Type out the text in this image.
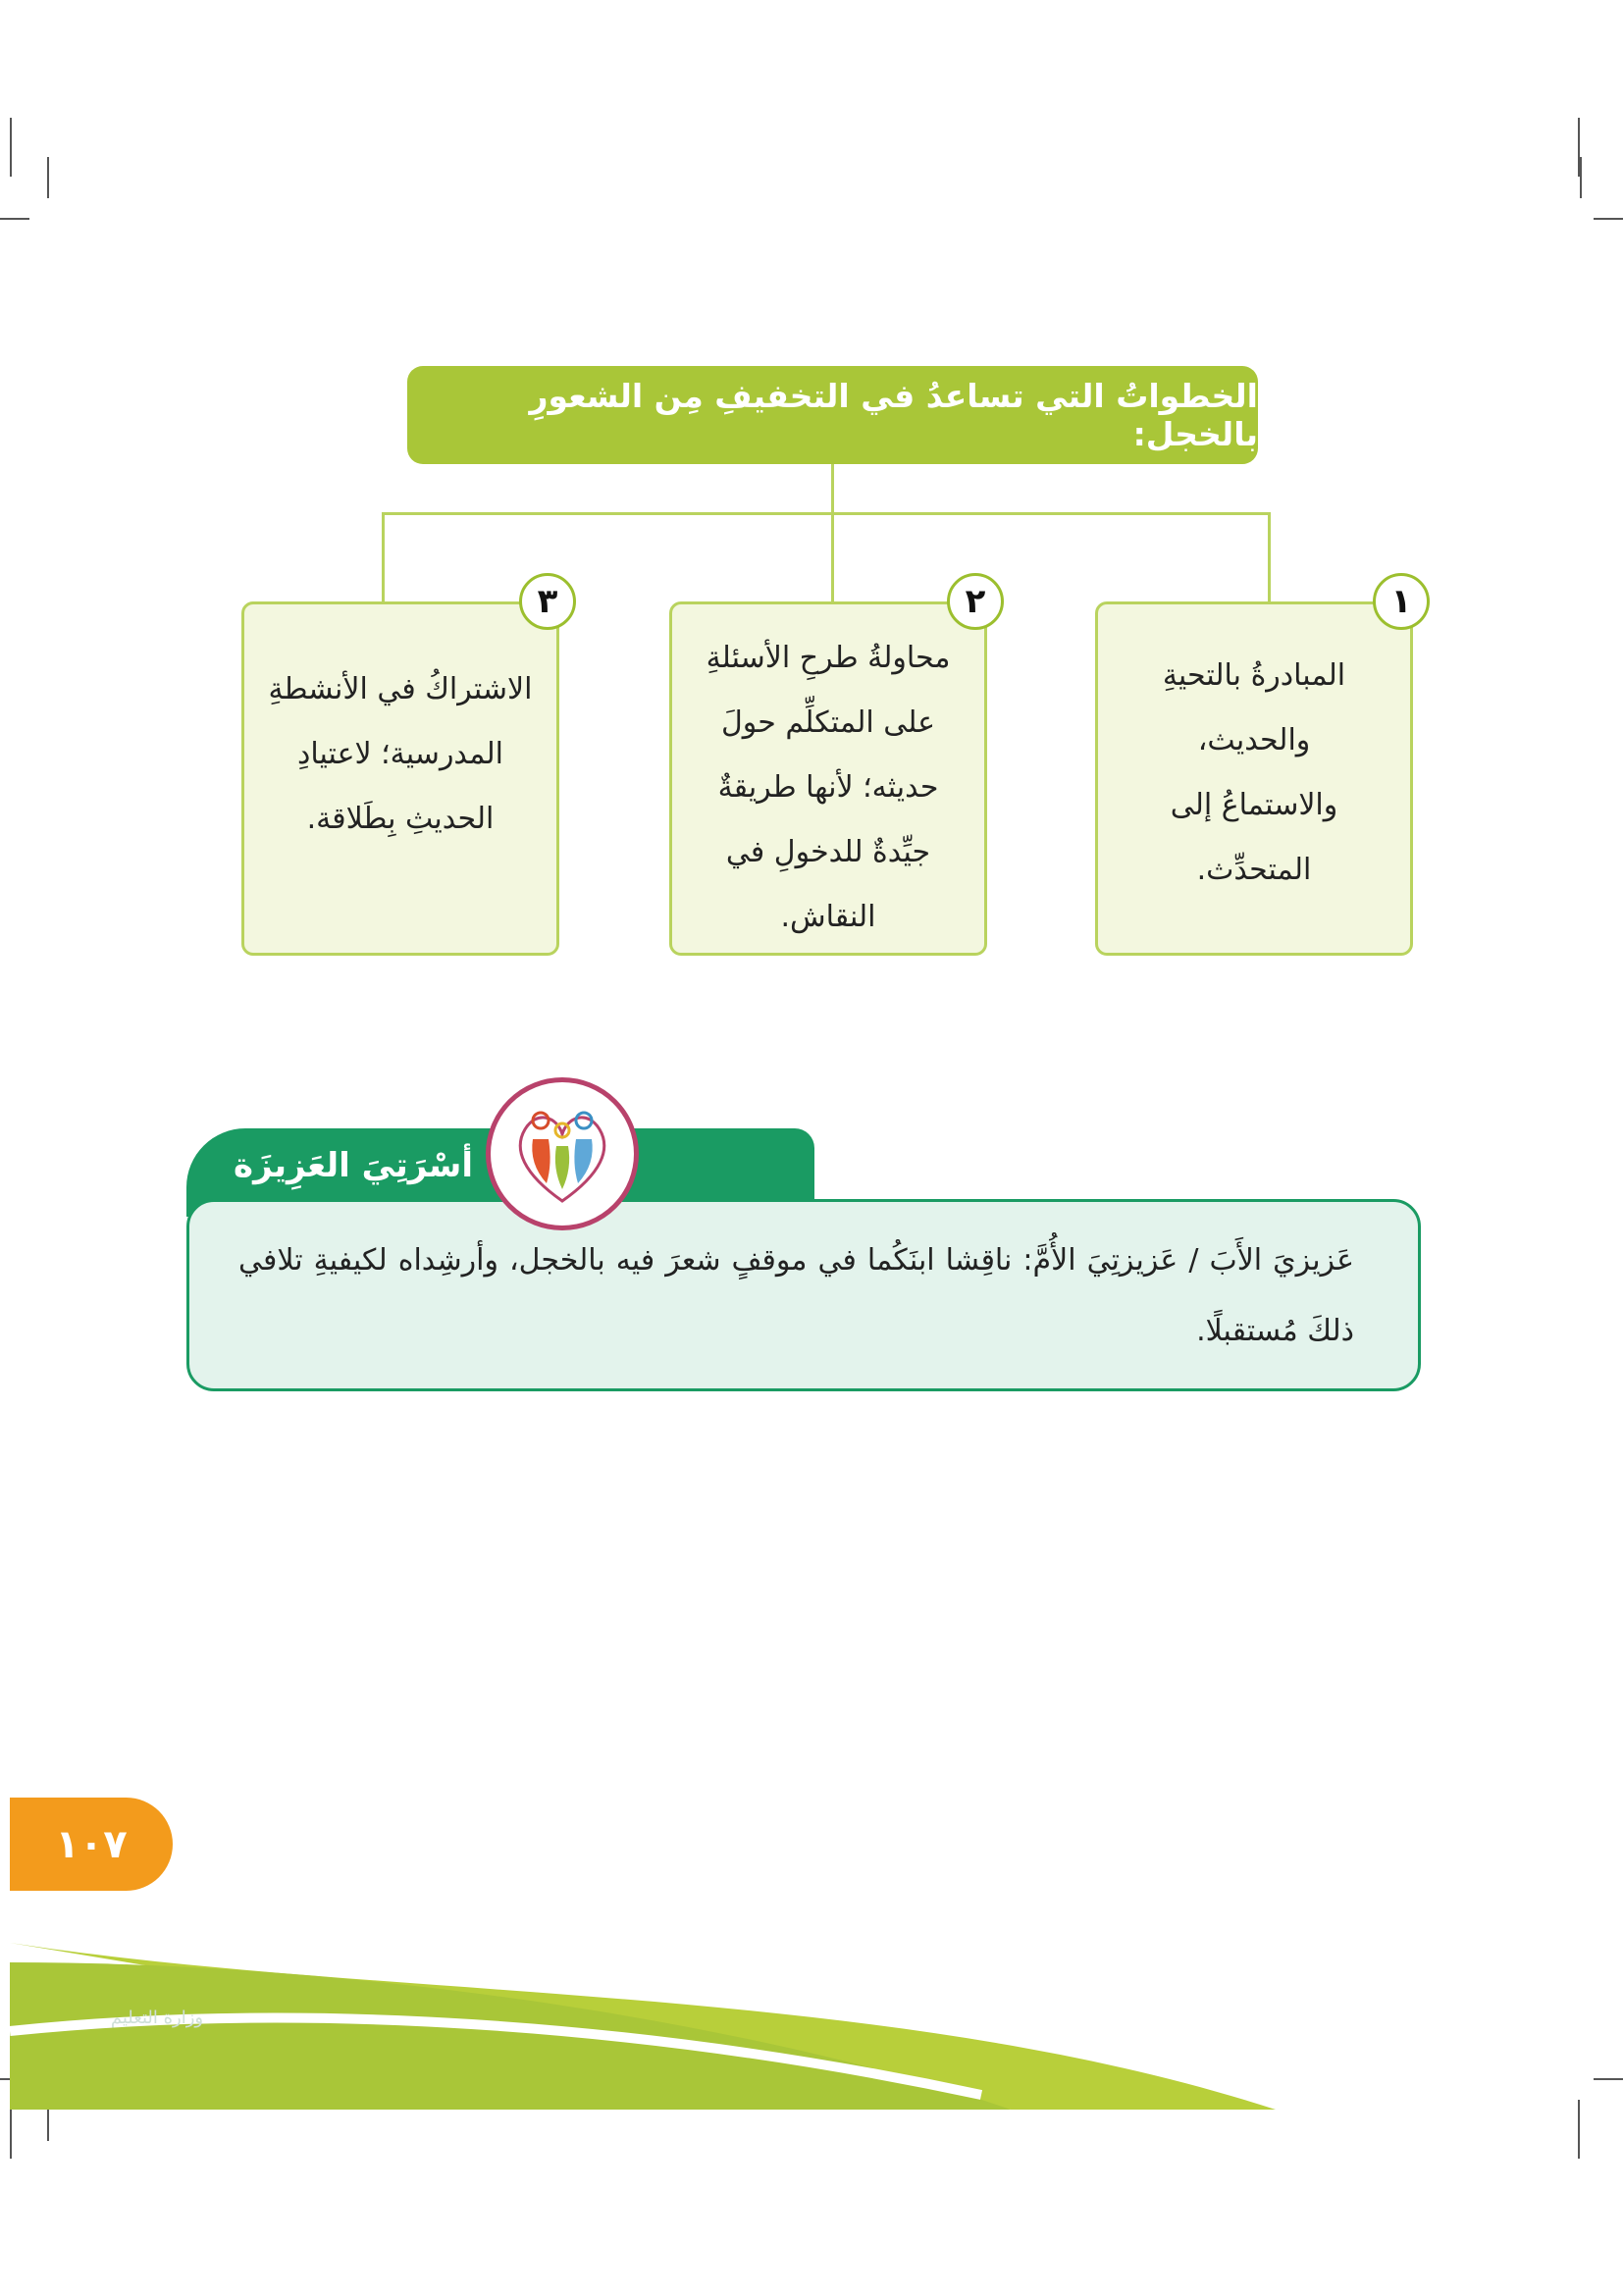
الخطواتُ التي تساعدُ في التخفيفِ مِن الشعورِ بالخجل:
١
المبادرةُ بالتحيةِ والحديث، والاستماعُ إلى المتحدِّث.
٢
محاولةُ طرحِ الأسئلةِ على المتكلِّم حولَ حديثه؛ لأنها طريقةٌ جيِّدةٌ للدخولِ في النقاش.
٣
الاشتراكُ في الأنشطةِ المدرسية؛ لاعتيادِ الحديثِ بِطَلاقة.
أسْرَتِيَ العَزِيزَة
عَزيزيَ الأَبَ / عَزيزتِيَ الأُمَّ: ناقِشا ابنَكُما في موقفٍ شعرَ فيه بالخجل، وأرشِداه لكيفيةِ تلافي ذلكَ مُستقبلًا.
١٠٧
وزارة التعليم
